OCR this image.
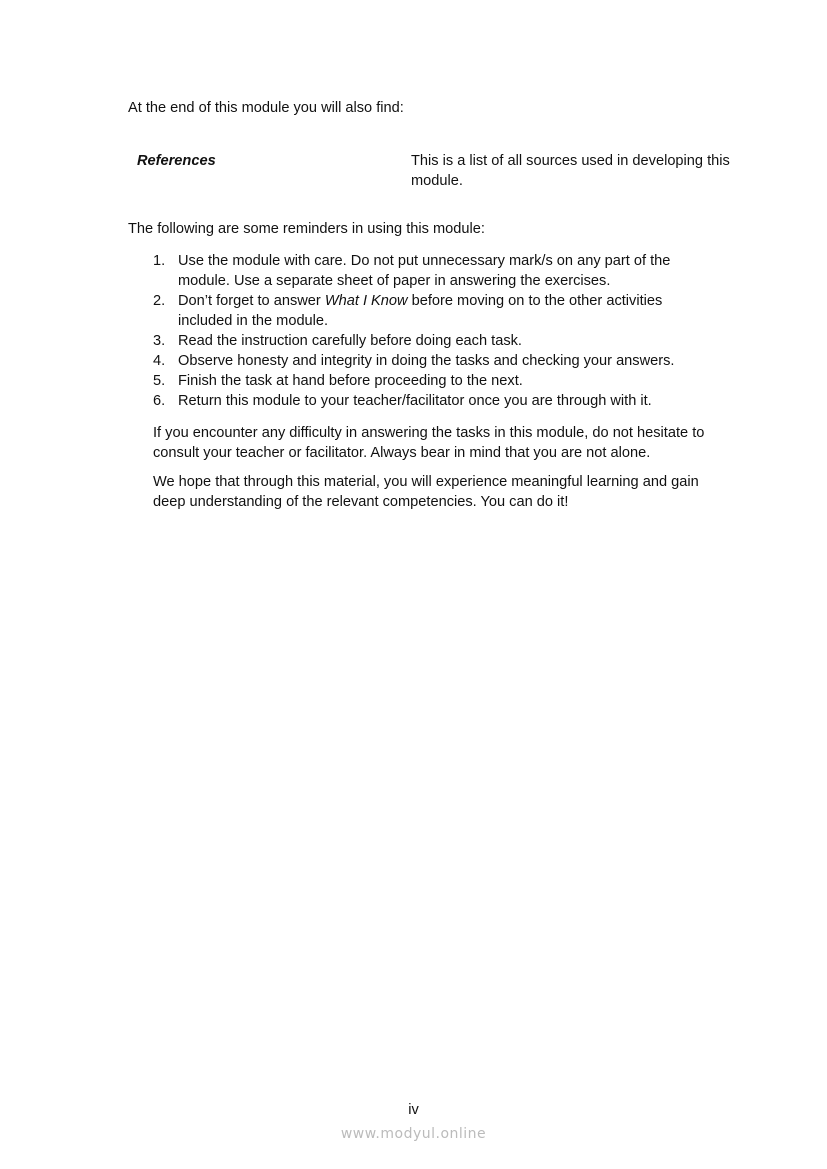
At the end of this module you will also find:
References	This is a list of all sources used in developing this module.
The following are some reminders in using this module:
1. Use the module with care. Do not put unnecessary mark/s on any part of the module. Use a separate sheet of paper in answering the exercises.
2. Don’t forget to answer What I Know before moving on to the other activities included in the module.
3. Read the instruction carefully before doing each task.
4. Observe honesty and integrity in doing the tasks and checking your answers.
5. Finish the task at hand before proceeding to the next.
6. Return this module to your teacher/facilitator once you are through with it.
If you encounter any difficulty in answering the tasks in this module, do not hesitate to consult your teacher or facilitator. Always bear in mind that you are not alone.
We hope that through this material, you will experience meaningful learning and gain deep understanding of the relevant competencies. You can do it!
iv
www.modyul.online
